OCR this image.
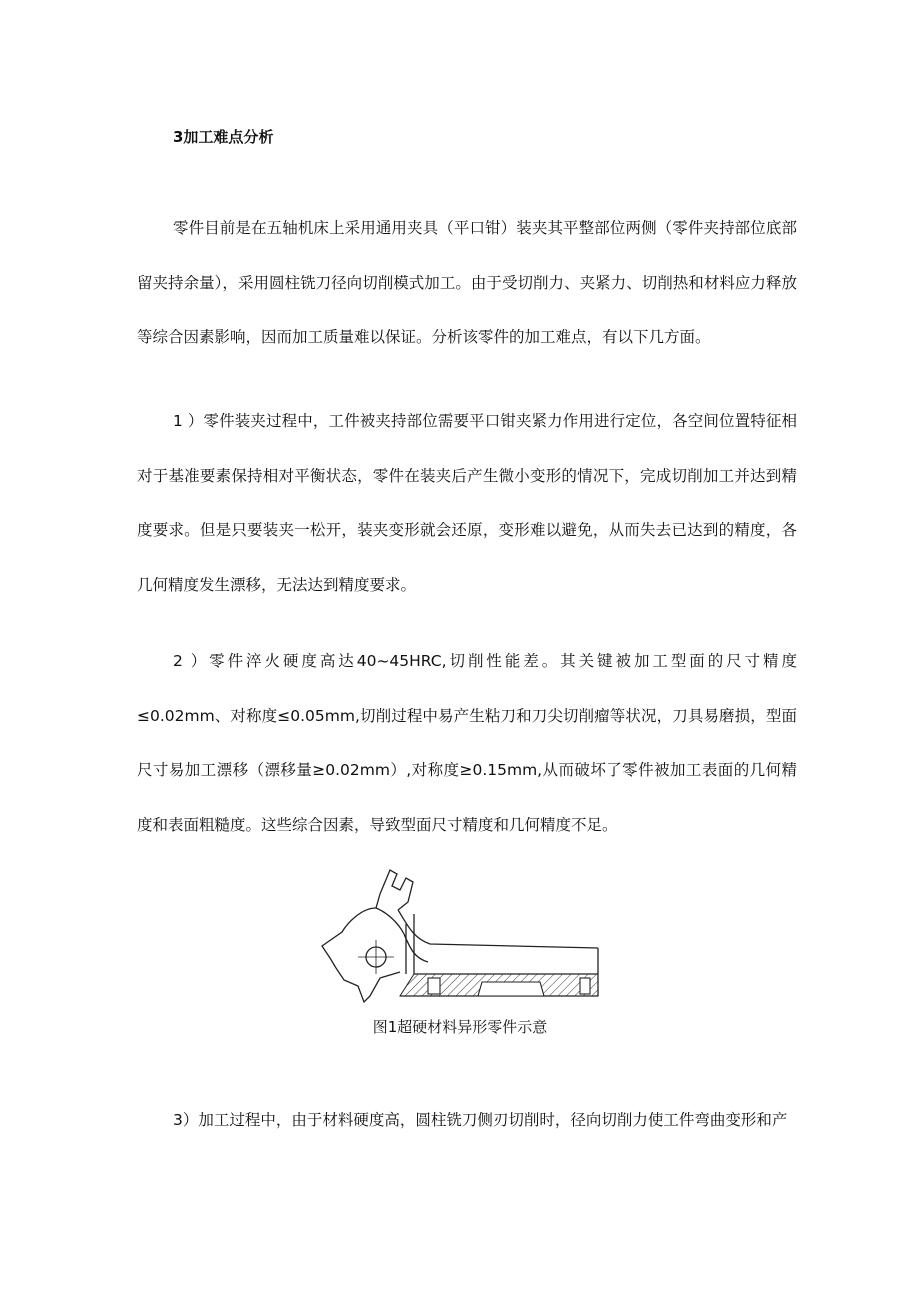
3加工难点分析

零件目前是在五轴机床上采用通用夹具（平口钳）装夹其平整部位两侧（零件夹持部位底部留夹持余量），采用圆柱铣刀径向切削模式加工。由于受切削力、夹紧力、切削热和材料应力释放等综合因素影响，因而加工质量难以保证。分析该零件的加工难点，有以下几方面。

1 ）零件装夹过程中，工件被夹持部位需要平口钳夹紧力作用进行定位，各空间位置特征相对于基准要素保持相对平衡状态，零件在装夹后产生微小变形的情况下，完成切削加工并达到精度要求。但是只要装夹一松开，装夹变形就会还原，变形难以避免，从而失去已达到的精度，各几何精度发生漂移，无法达到精度要求。

2 ）零件淬火硬度高达40~45HRC,切削性能差。其关键被加工型面的尺寸精度≤0.02mm、对称度≤0.05mm,切削过程中易产生粘刀和刀尖切削瘤等状况，刀具易磨损，型面尺寸易加工漂移（漂移量≥0.02mm）,对称度≥0.15mm,从而破坏了零件被加工表面的几何精度和表面粗糙度。这些综合因素，导致型面尺寸精度和几何精度不足。

图1超硬材料异形零件示意

3）加工过程中，由于材料硬度高，圆柱铣刀侧刃切削时，径向切削力使工件弯曲变形和产
